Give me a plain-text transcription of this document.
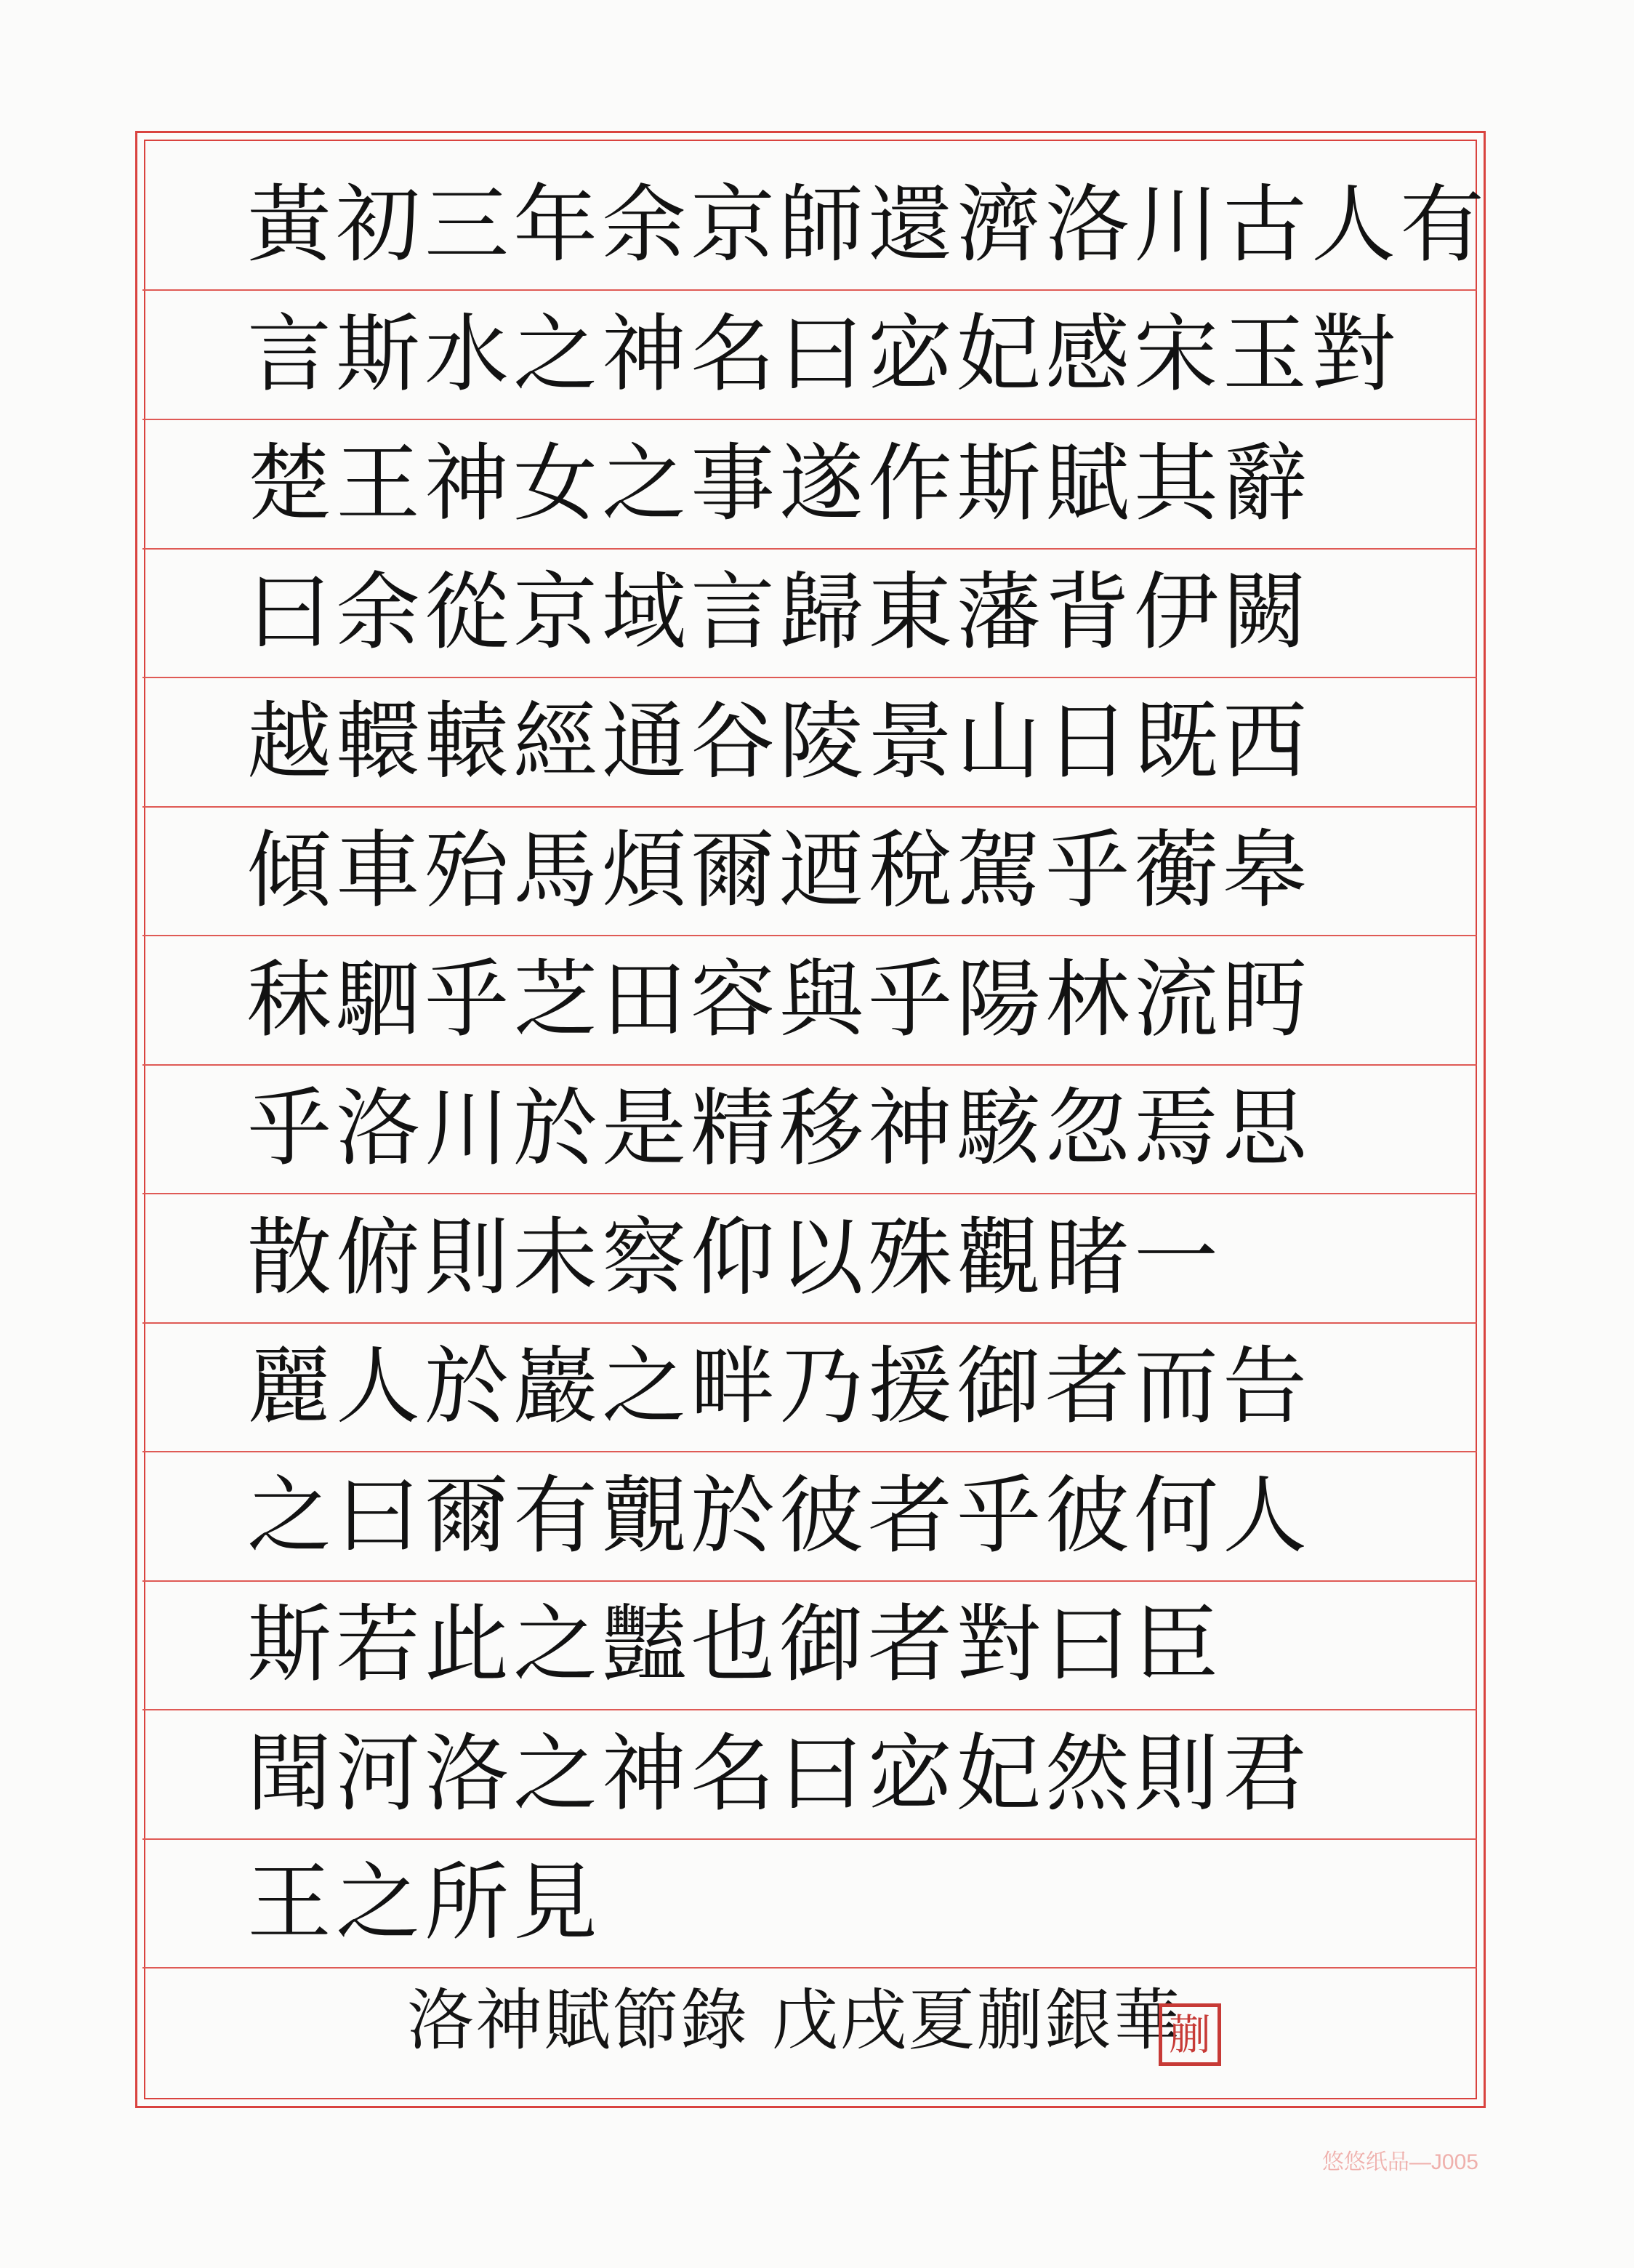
黃初三年余京師還濟洛川古人有
言斯水之神名曰宓妃感宋玉對
楚王神女之事遂作斯賦其辭
曰余從京域言歸東藩背伊闕
越轘轅經通谷陵景山日既西
傾車殆馬煩爾迺稅駕乎蘅皋
秣駟乎芝田容與乎陽林流眄
乎洛川於是精移神駭忽焉思
散俯則未察仰以殊觀睹一
麗人於巖之畔乃援御者而告
之曰爾有覿於彼者乎彼何人
斯若此之豔也御者對曰臣
聞河洛之神名曰宓妃然則君
王之所見
洛神賦節錄 戊戌夏蒯銀華
蒯
悠悠纸品—J005
